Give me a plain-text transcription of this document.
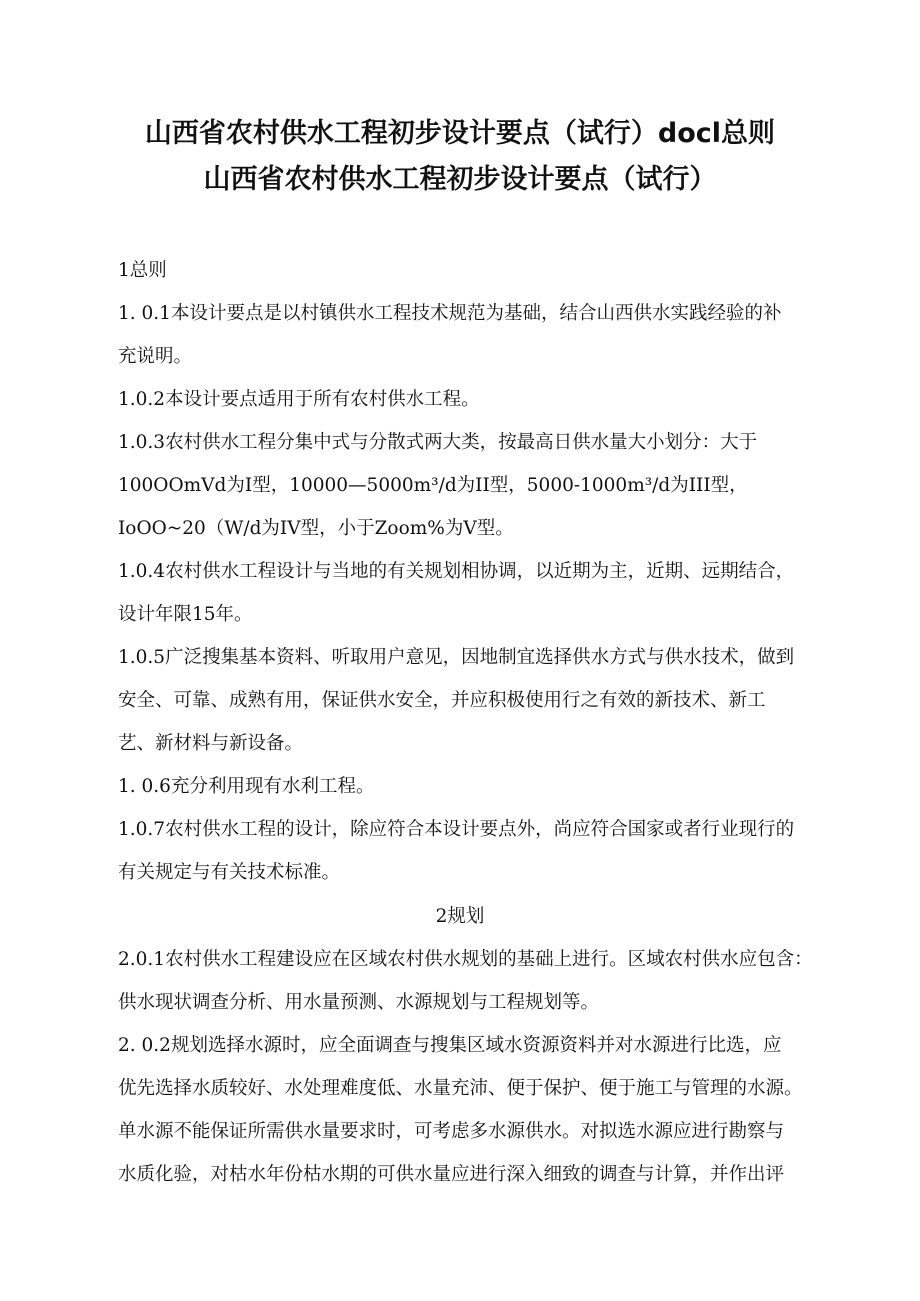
山西省农村供水工程初步设计要点（试行）docl总则
山西省农村供水工程初步设计要点（试行）

1总则

1. 0.1本设计要点是以村镇供水工程技术规范为基础，结合山西供水实践经验的补

充说明。

1.0.2本设计要点适用于所有农村供水工程。

1.0.3农村供水工程分集中式与分散式两大类，按最高日供水量大小划分：大于

100OOmVd为I型，10000—5000m³/d为II型，5000-1000m³/d为III型，

IoOO~20（W/d为IV型，小于Zoom%为V型。

1.0.4农村供水工程设计与当地的有关规划相协调，以近期为主，近期、远期结合，

设计年限15年。

1.0.5广泛搜集基本资料、听取用户意见，因地制宜选择供水方式与供水技术，做到

安全、可靠、成熟有用，保证供水安全，并应积极使用行之有效的新技术、新工

艺、新材料与新设备。

1. 0.6充分利用现有水利工程。

1.0.7农村供水工程的设计，除应符合本设计要点外，尚应符合国家或者行业现行的

有关规定与有关技术标准。

2规划

2.0.1农村供水工程建设应在区域农村供水规划的基础上进行。区域农村供水应包含：

供水现状调查分析、用水量预测、水源规划与工程规划等。

2. 0.2规划选择水源时，应全面调查与搜集区域水资源资料并对水源进行比选，应

优先选择水质较好、水处理难度低、水量充沛、便于保护、便于施工与管理的水源。

单水源不能保证所需供水量要求时，可考虑多水源供水。对拟选水源应进行勘察与

水质化验，对枯水年份枯水期的可供水量应进行深入细致的调查与计算，并作出评
